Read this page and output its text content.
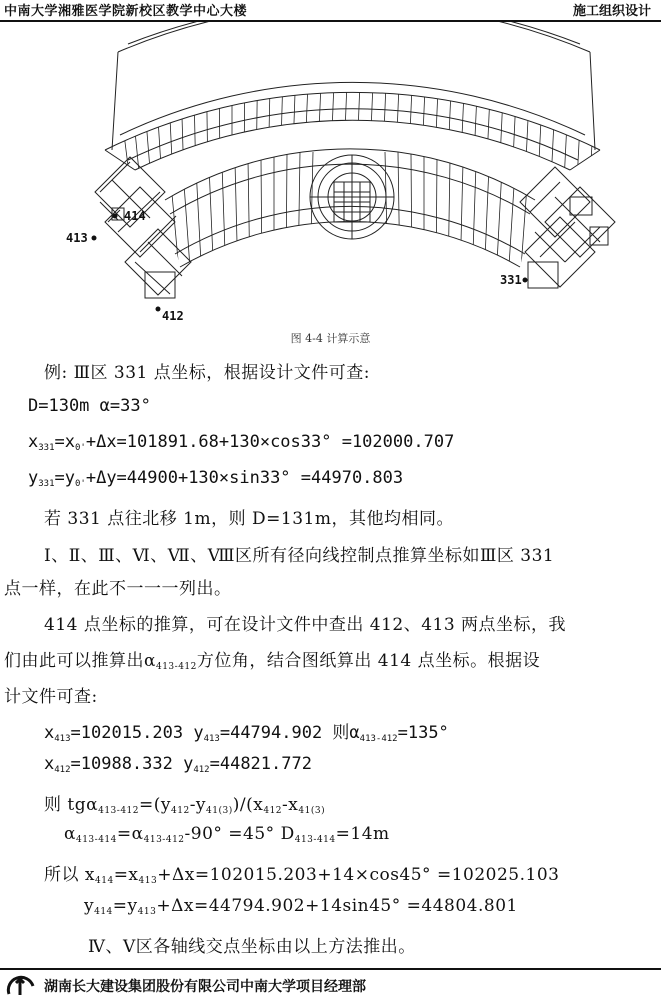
中南大学湘雅医学院新校区教学中心大楼	施工组织设计
414
413
412
331
图 4-4 计算示意
例: Ⅲ区 331 点坐标，根据设计文件可查:
D=130m α=33°
$x_{331}=x_{0'}+\Delta x=101891.68+130\times\cos 33^\circ =102000.707$
$y_{331}=y_{0'}+\Delta y=44900+130\times\sin 33^\circ =44970.803$
若 331 点往北移 1m，则 D=131m，其他均相同。
Ⅰ、Ⅱ、Ⅲ、Ⅵ、Ⅶ、Ⅷ区所有径向线控制点推算坐标如Ⅲ区 331
点一样，在此不一一一列出。
414 点坐标的推算，可在设计文件中查出 412、413 两点坐标，我
们由此可以推算出$\alpha_{413-412}$方位角，结合图纸算出 414 点坐标。根据设
计文件可查:
$x_{413}=102015.203$ $y_{413}=44794.902$ 则$\alpha_{413-412}=135^\circ$
$x_{412}=10988.332$ $y_{412}=44821.772$
则 $tg\alpha_{413-412}=(y_{412}-y_{41(3)})/(x_{412}-x_{41(3)}$
$\alpha_{413-414}=\alpha_{413-412}-90^\circ =45^\circ$ $D_{413-414}=14m$
所以 $x_{414}=x_{413}+\Delta x=102015.203+14\times\cos 45^\circ =102025.103$
$y_{414}=y_{413}+\Delta x=44794.902+14\sin 45^\circ =44804.801$
Ⅳ、Ⅴ区各轴线交点坐标由以上方法推出。
湖南长大建设集团股份有限公司中南大学项目经理部
